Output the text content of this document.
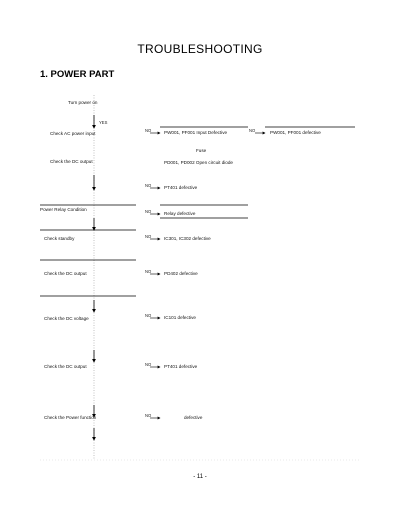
TROUBLESHOOTING
1. POWER PART
Turn power on
Check AC power input
Check the DC output
Power Relay Condition
Check standby
Check the DC output
Check the DC voltage
Check the DC output
Check the Power function
NO
YES
NO
NO
NO
NO
NO
NO
NO
NO
PW001, PF001 Input Defective
Fuse
PD001, PD002 Open circuit diode
PT401 defective
Relay defective
IC301, IC302 defective
PD402 defective
IC101 defective
PT401 defective
defective
PW001, PF001 defective
- 11 -
